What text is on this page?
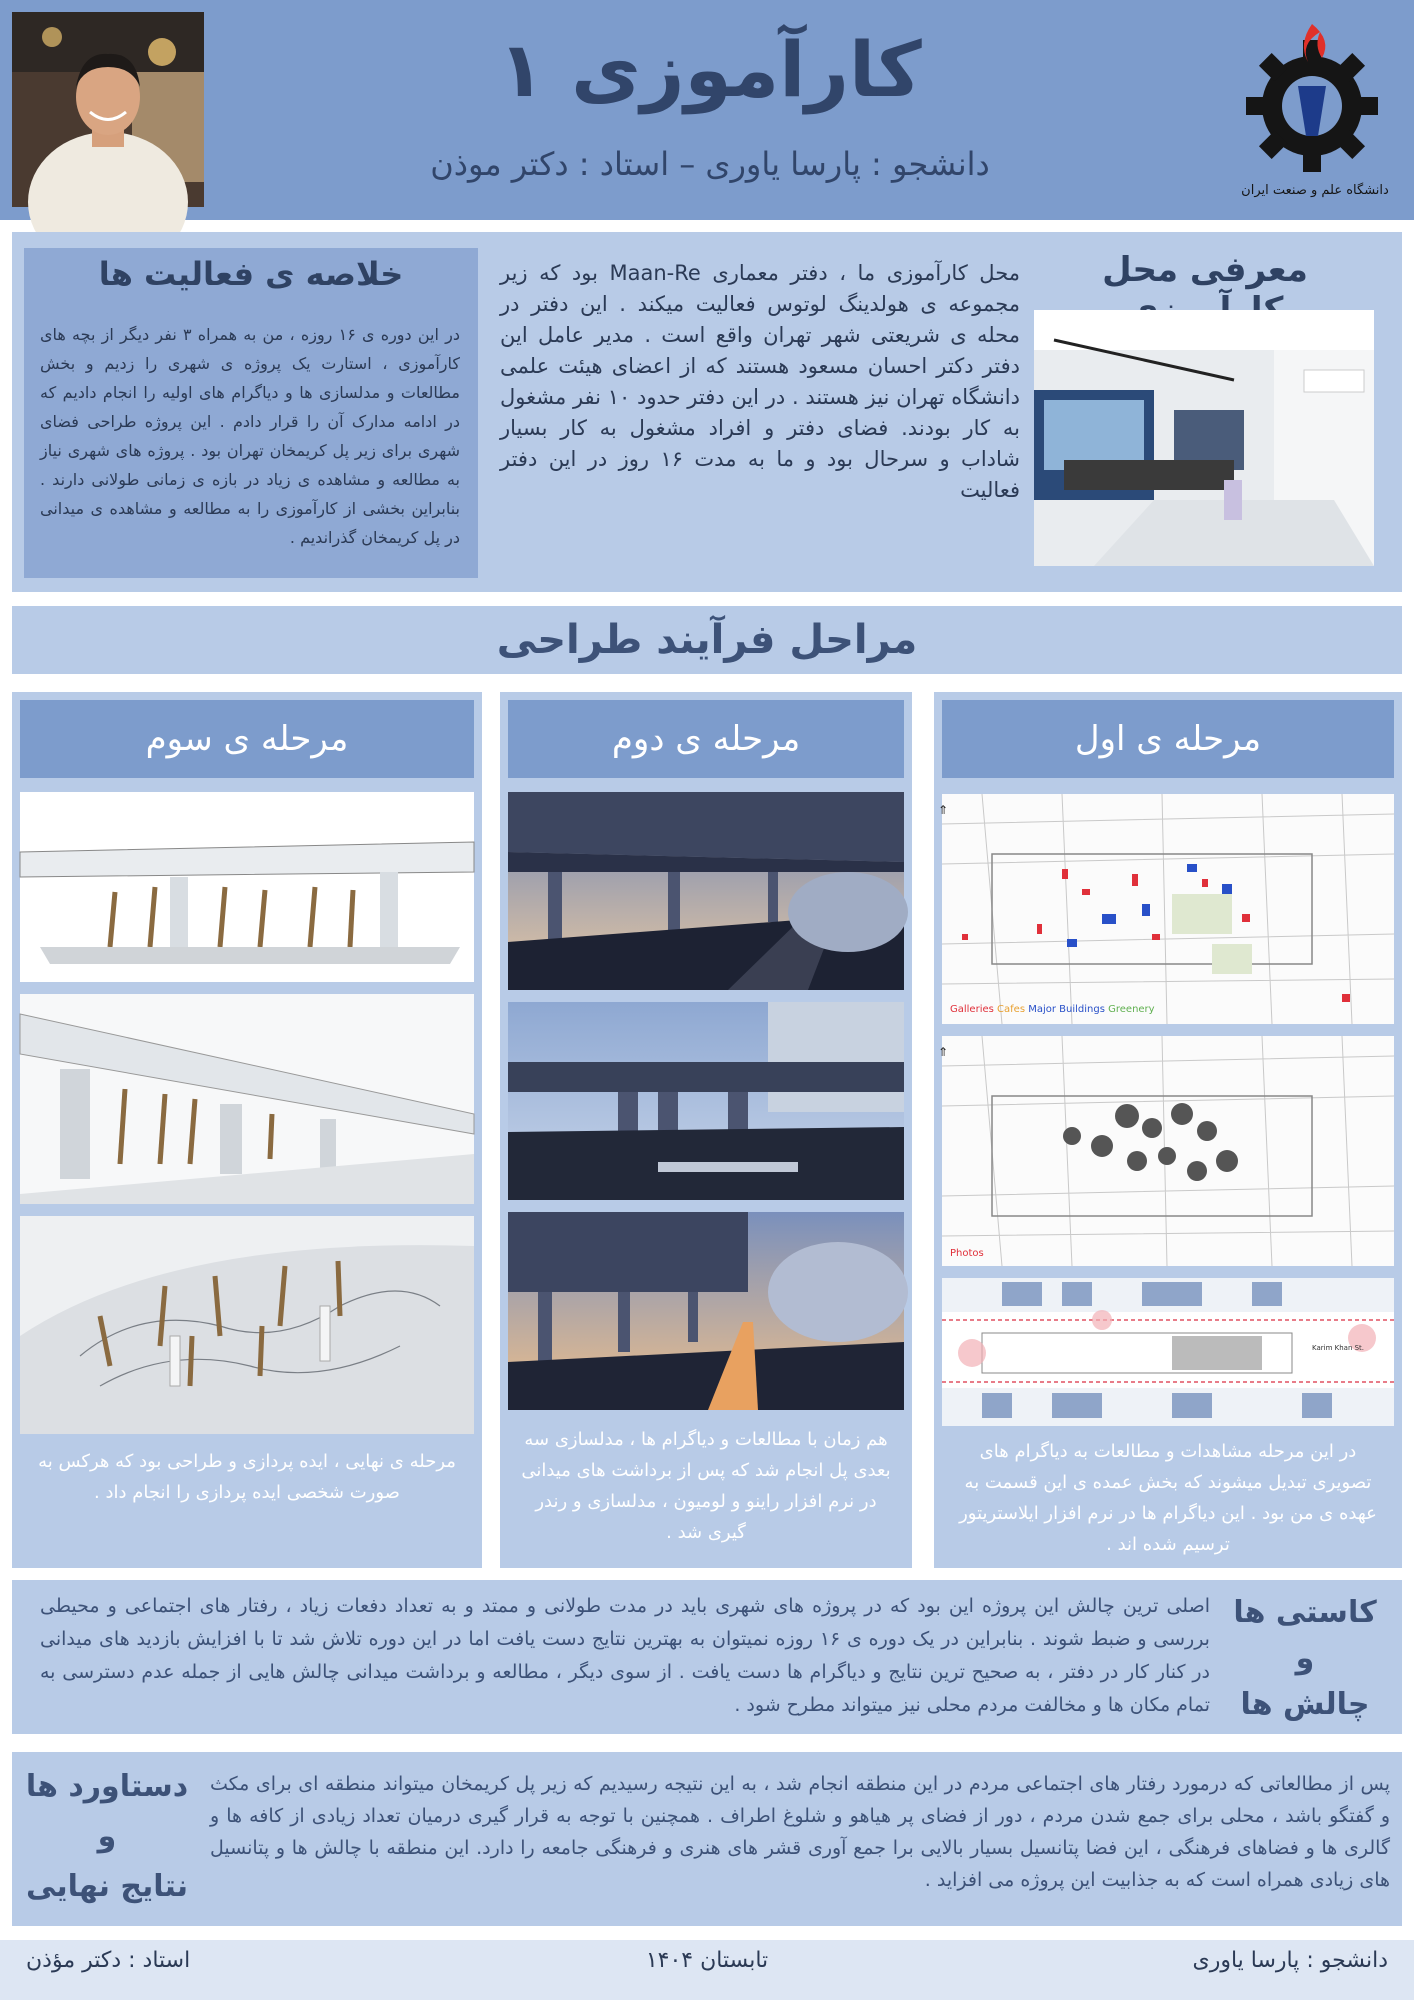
کارآموزی ۱
دانشجو : پارسا یاوری – استاد : دکتر موذن
دانشگاه علم و صنعت ایران
معرفی محل
محل کارآموزی ما ، دفتر معماری Maan-Re بود که زیر مجموعه ی هولدینگ لوتوس فعالیت میکند . این دفتر در محله ی شریعتی شهر تهران واقع است . مدیر عامل این دفتر دکتر احسان مسعود هستند که از اعضای هیئت علمی دانشگاه تهران نیز هستند . در این دفتر حدود ۱۰ نفر مشغول به کار بودند. فضای دفتر و افراد مشغول به کار بسیار شاداب و سرحال بود و ما به مدت ۱۶ روز در این دفتر فعالیت
خلاصه ی فعالیت ها
در این دوره ی ۱۶ روزه ، من به همراه ۳ نفر دیگر از بچه های کارآموزی ، استارت یک پروژه ی شهری را زدیم و بخش مطالعات و مدلسازی ها و دیاگرام های اولیه را انجام دادیم که در ادامه مدارک آن را قرار دادم . این پروژه طراحی فضای شهری برای زیر پل کریمخان تهران بود . پروژه های شهری نیاز به مطالعه و مشاهده ی زیاد در بازه ی زمانی طولانی دارند . بنابراین بخشی از کارآموزی را به مطالعه و مشاهده ی میدانی در پل کریمخان گذراندیم .
مراحل فرآیند طراحی
مرحله ی اول
⇑
Galleries Cafes Major Buildings Greenery
⇑
Photos
Karim Khan St.
در این مرحله مشاهدات و مطالعات به دیاگرام های تصویری تبدیل میشوند که بخش عمده ی این قسمت به عهده ی من بود . این دیاگرام ها در نرم افزار ایلاستریتور ترسیم شده اند .
مرحله ی دوم
هم زمان با مطالعات و دیاگرام ها ، مدلسازی سه بعدی پل انجام شد که پس از برداشت های میدانی در نرم افزار راینو و لومیون ، مدلسازی و رندر گیری شد .
مرحله ی سوم
مرحله ی نهایی ، ایده پردازی و طراحی بود که هرکس به صورت شخصی ایده پردازی را انجام داد .
کاستی ها
و
چالش ها
اصلی ترین چالش این پروژه این بود که در پروژه های شهری باید در مدت طولانی و ممتد و به تعداد دفعات زیاد ، رفتار های اجتماعی و محیطی بررسی و ضبط شوند . بنابراین در یک دوره ی ۱۶ روزه نمیتوان به بهترین نتایج دست یافت اما در این دوره تلاش شد تا با افزایش بازدید های میدانی در کنار کار در دفتر ، به صحیح ترین نتایج و دیاگرام ها دست یافت . از سوی دیگر ، مطالعه و برداشت میدانی چالش هایی از جمله عدم دسترسی به تمام مکان ها و مخالفت مردم محلی نیز میتواند مطرح شود .
دستاورد ها
و
نتایج نهایی
پس از مطالعاتی که درمورد رفتار های اجتماعی مردم در این منطقه انجام شد ، به این نتیجه رسیدیم که زیر پل کریمخان میتواند منطقه ای برای مکث و گفتگو باشد ، محلی برای جمع شدن مردم ، دور از فضای پر هیاهو و شلوغ اطراف . همچنین با توجه به قرار گیری درمیان تعداد زیادی از کافه ها و گالری ها و فضاهای فرهنگی ، این فضا پتانسیل بسیار بالایی برا جمع آوری قشر های هنری و فرهنگی جامعه را دارد. این منطقه با چالش ها و پتانسیل های زیادی همراه است که به جذابیت این پروژه می افزاید .
دانشجو : پارسا یاوری
تابستان ۱۴۰۴
استاد : دکتر مؤذن
